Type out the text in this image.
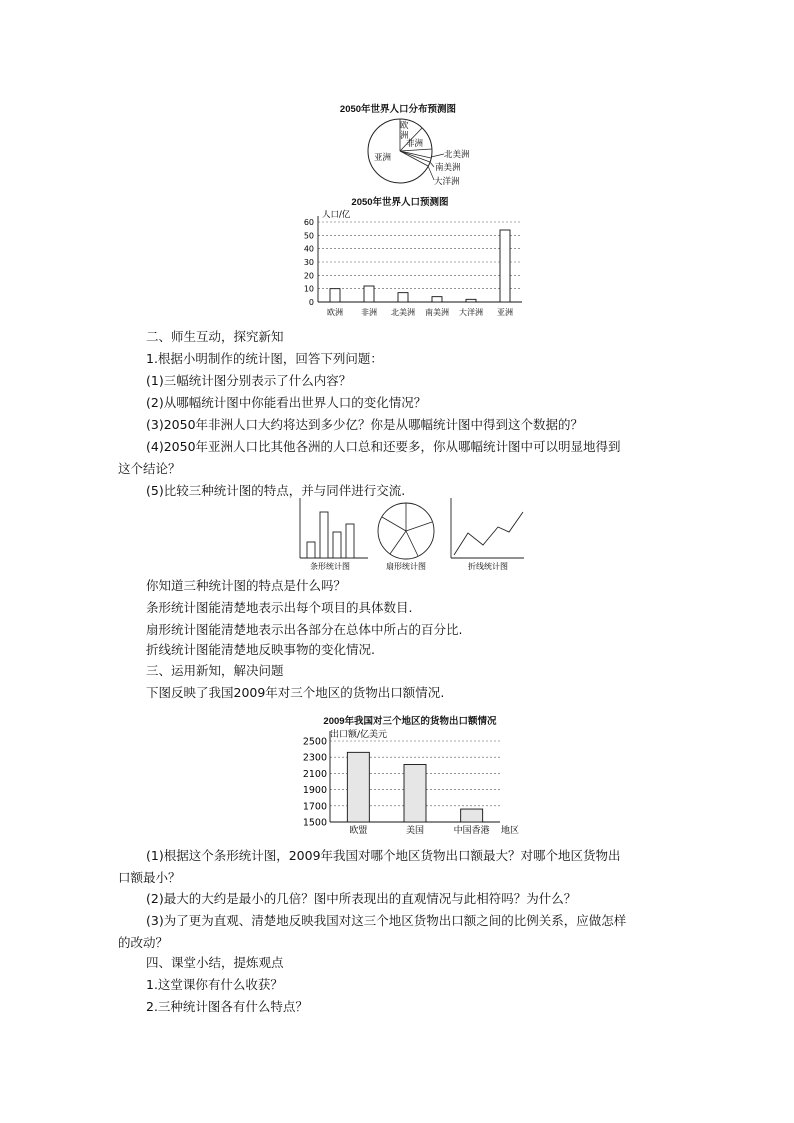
2050年世界人口分布预测图
欧
洲
非洲
亚洲	北美洲
南美洲
大洋洲
2050年世界人口预测图
人口/亿
0
10
20
30
40
50
60
欧洲 非洲 北美洲 南美洲 大洋洲 亚洲
二、师生互动，探究新知
1.根据小明制作的统计图，回答下列问题：
(1)三幅统计图分别表示了什么内容？
(2)从哪幅统计图中你能看出世界人口的变化情况？
(3)2050年非洲人口大约将达到多少亿？你是从哪幅统计图中得到这个数据的？
(4)2050年亚洲人口比其他各洲的人口总和还要多，你从哪幅统计图中可以明显地得到
这个结论？
(5)比较三种统计图的特点，并与同伴进行交流.
条形统计图	扇形统计图	折线统计图
你知道三种统计图的特点是什么吗？
条形统计图能清楚地表示出每个项目的具体数目.
扇形统计图能清楚地表示出各部分在总体中所占的百分比.
折线统计图能清楚地反映事物的变化情况.
三、运用新知，解决问题
下图反映了我国2009年对三个地区的货物出口额情况.
2009年我国对三个地区的货物出口额情况
出口额/亿美元
地区
1500
1700
1900
2100
2300
2500
欧盟	美国	中国香港
(1)根据这个条形统计图，2009年我国对哪个地区货物出口额最大？对哪个地区货物出
口额最小？
(2)最大的大约是最小的几倍？图中所表现出的直观情况与此相符吗？为什么？
(3)为了更为直观、清楚地反映我国对这三个地区货物出口额之间的比例关系，应做怎样
的改动？
四、课堂小结，提炼观点
1.这堂课你有什么收获？
2.三种统计图各有什么特点？
